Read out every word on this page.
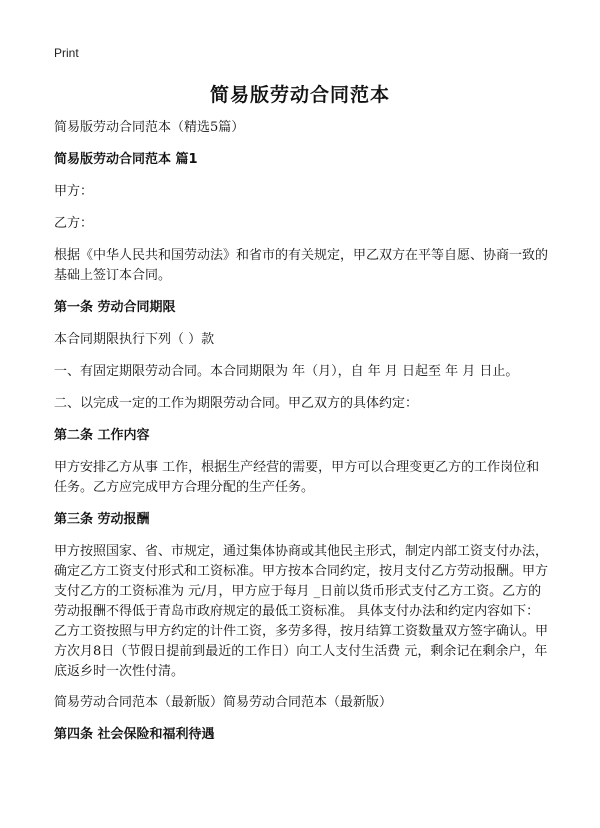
Print
简易版劳动合同范本

简易版劳动合同范本（精选5篇）

简易版劳动合同范本 篇1

甲方：

乙方：

根据《中华人民共和国劳动法》和省市的有关规定，甲乙双方在平等自愿、协商一致的基础上签订本合同。

第一条 劳动合同期限

本合同期限执行下列（ ）款

一、有固定期限劳动合同。本合同期限为 年（月），自 年 月 日起至 年 月 日止。

二、以完成一定的工作为期限劳动合同。甲乙双方的具体约定：

第二条 工作内容

甲方安排乙方从事 工作，根据生产经营的需要，甲方可以合理变更乙方的工作岗位和任务。乙方应完成甲方合理分配的生产任务。

第三条 劳动报酬

甲方按照国家、省、市规定，通过集体协商或其他民主形式，制定内部工资支付办法，确定乙方工资支付形式和工资标准。甲方按本合同约定，按月支付乙方劳动报酬。甲方支付乙方的工资标准为 元/月，甲方应于每月 _日前以货币形式支付乙方工资。乙方的劳动报酬不得低于青岛市政府规定的最低工资标准。 具体支付办法和约定内容如下：乙方工资按照与甲方约定的计件工资，多劳多得，按月结算工资数量双方签字确认。甲方次月8日（节假日提前到最近的工作日）向工人支付生活费 元，剩余记在剩余户，年底返乡时一次性付清。

简易劳动合同范本（最新版）简易劳动合同范本（最新版）

第四条 社会保险和福利待遇
